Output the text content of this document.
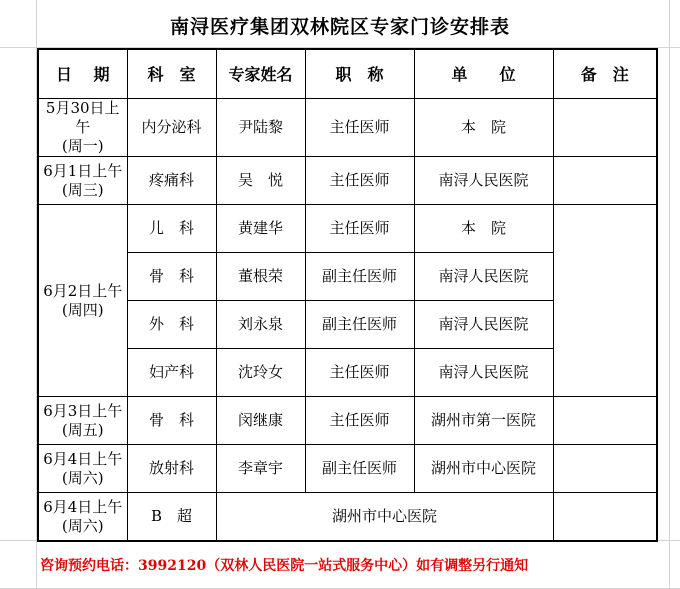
南浔医疗集团双林院区专家门诊安排表
日　 期	科　室	专家姓名	职　称	单　　位	备　注

5月30日上午
(周一)	内分泌科	尹陆黎	主任医师	本　院	

6月1日上午
(周三)	疼痛科	吴　悦	主任医师	南浔人民医院	

6月2日上午
(周四)	儿　科	黄建华	主任医师	本　院	
	骨　科	董根荣	副主任医师	南浔人民医院	
	外　科	刘永泉	副主任医师	南浔人民医院	
	妇产科	沈玲女	主任医师	南浔人民医院	

6月3日上午
(周五)	骨　科	闵继康	主任医师	湖州市第一医院	

6月4日上午
(周六)	放射科	李章宇	副主任医师	湖州市中心医院	

6月4日上午
(周六)	B　超	湖州市中心医院			
咨询预约电话：3992120（双林人民医院一站式服务中心）如有调整另行通知
